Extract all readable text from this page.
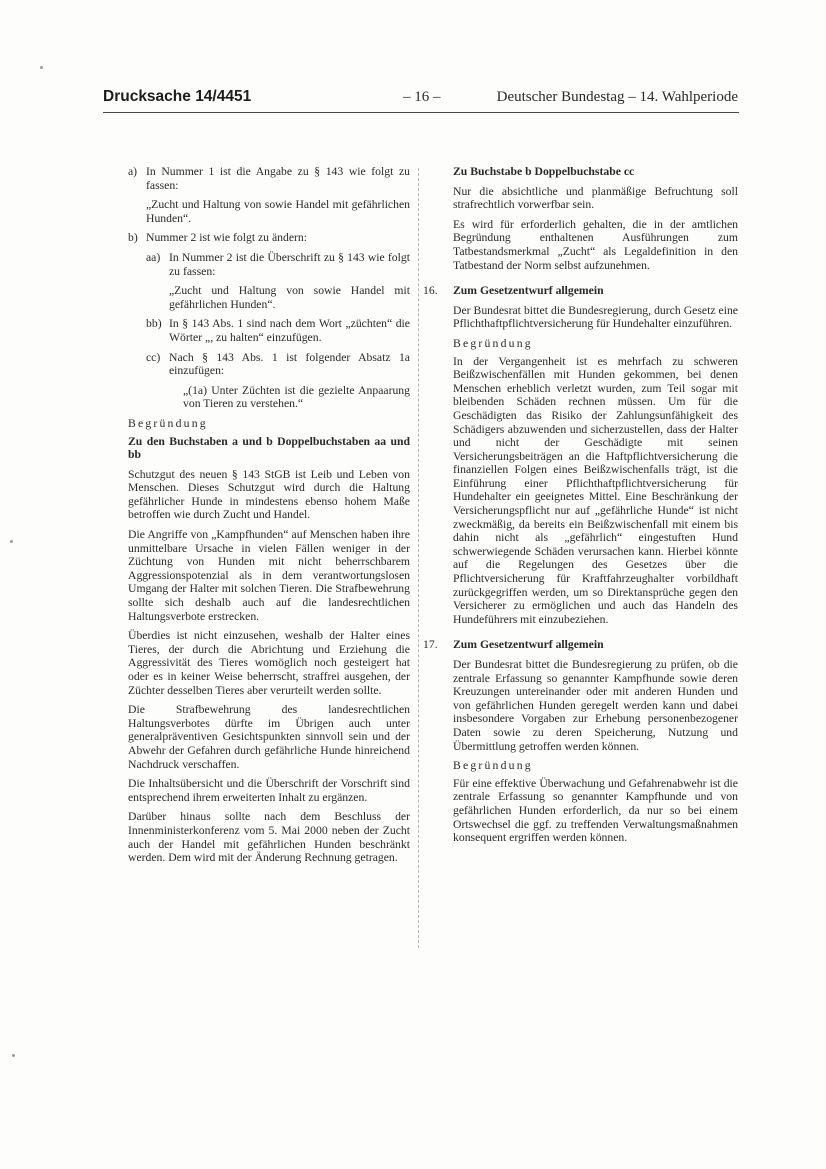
Drucksache 14/4451	– 16 –	Deutscher Bundestag – 14. Wahlperiode
a) In Nummer 1 ist die Angabe zu § 143 wie folgt zu fassen:

„Zucht und Haltung von sowie Handel mit gefährlichen Hunden“.

b) Nummer 2 ist wie folgt zu ändern:

aa) In Nummer 2 ist die Überschrift zu § 143 wie folgt zu fassen:

„Zucht und Haltung von sowie Handel mit gefährlichen Hunden“.

bb) In § 143 Abs. 1 sind nach dem Wort „züchten“ die Wörter „, zu halten“ einzufügen.

cc) Nach § 143 Abs. 1 ist folgender Absatz 1a einzufügen:

„(1a) Unter Züchten ist die gezielte Anpaarung von Tieren zu verstehen.“

Begründung

Zu den Buchstaben a und b Doppelbuchstaben aa und bb

Schutzgut des neuen § 143 StGB ist Leib und Leben von Menschen. Dieses Schutzgut wird durch die Haltung gefährlicher Hunde in mindestens ebenso hohem Maße betroffen wie durch Zucht und Handel.

Die Angriffe von „Kampfhunden“ auf Menschen haben ihre unmittelbare Ursache in vielen Fällen weniger in der Züchtung von Hunden mit nicht beherrschbarem Aggressionspotenzial als in dem verantwortungslosen Umgang der Halter mit solchen Tieren. Die Strafbewehrung sollte sich deshalb auch auf die landesrechtlichen Haltungsverbote erstrecken.

Überdies ist nicht einzusehen, weshalb der Halter eines Tieres, der durch die Abrichtung und Erziehung die Aggressivität des Tieres womöglich noch gesteigert hat oder es in keiner Weise beherrscht, straffrei ausgehen, der Züchter desselben Tieres aber verurteilt werden sollte.

Die Strafbewehrung des landesrechtlichen Haltungsverbotes dürfte im Übrigen auch unter generalpräventiven Gesichtspunkten sinnvoll sein und der Abwehr der Gefahren durch gefährliche Hunde hinreichend Nachdruck verschaffen.

Die Inhaltsübersicht und die Überschrift der Vorschrift sind entsprechend ihrem erweiterten Inhalt zu ergänzen.

Darüber hinaus sollte nach dem Beschluss der Innenministerkonferenz vom 5. Mai 2000 neben der Zucht auch der Handel mit gefährlichen Hunden beschränkt werden. Dem wird mit der Änderung Rechnung getragen.

Zu Buchstabe b Doppelbuchstabe cc

Nur die absichtliche und planmäßige Befruchtung soll strafrechtlich vorwerfbar sein.

Es wird für erforderlich gehalten, die in der amtlichen Begründung enthaltenen Ausführungen zum Tatbestandsmerkmal „Zucht“ als Legaldefinition in den Tatbestand der Norm selbst aufzunehmen.

16. Zum Gesetzentwurf allgemein

Der Bundesrat bittet die Bundesregierung, durch Gesetz eine Pflichthaftpflichtversicherung für Hundehalter einzuführen.

Begründung

In der Vergangenheit ist es mehrfach zu schweren Beißzwischenfällen mit Hunden gekommen, bei denen Menschen erheblich verletzt wurden, zum Teil sogar mit bleibenden Schäden rechnen müssen. Um für die Geschädigten das Risiko der Zahlungsunfähigkeit des Schädigers abzuwenden und sicherzustellen, dass der Halter und nicht der Geschädigte mit seinen Versicherungsbeiträgen an die Haftpflichtversicherung die finanziellen Folgen eines Beißzwischenfalls trägt, ist die Einführung einer Pflichthaftpflichtversicherung für Hundehalter ein geeignetes Mittel. Eine Beschränkung der Versicherungspflicht nur auf „gefährliche Hunde“ ist nicht zweckmäßig, da bereits ein Beißzwischenfall mit einem bis dahin nicht als „gefährlich“ eingestuften Hund schwerwiegende Schäden verursachen kann. Hierbei könnte auf die Regelungen des Gesetzes über die Pflichtversicherung für Kraftfahrzeughalter vorbildhaft zurückgegriffen werden, um so Direktansprüche gegen den Versicherer zu ermöglichen und auch das Handeln des Hundeführers mit einzubeziehen.

17. Zum Gesetzentwurf allgemein

Der Bundesrat bittet die Bundesregierung zu prüfen, ob die zentrale Erfassung so genannter Kampfhunde sowie deren Kreuzungen untereinander oder mit anderen Hunden und von gefährlichen Hunden geregelt werden kann und dabei insbesondere Vorgaben zur Erhebung personenbezogener Daten sowie zu deren Speicherung, Nutzung und Übermittlung getroffen werden können.

Begründung

Für eine effektive Überwachung und Gefahrenabwehr ist die zentrale Erfassung so genannter Kampfhunde und von gefährlichen Hunden erforderlich, da nur so bei einem Ortswechsel die ggf. zu treffenden Verwaltungsmaßnahmen konsequent ergriffen werden können.
